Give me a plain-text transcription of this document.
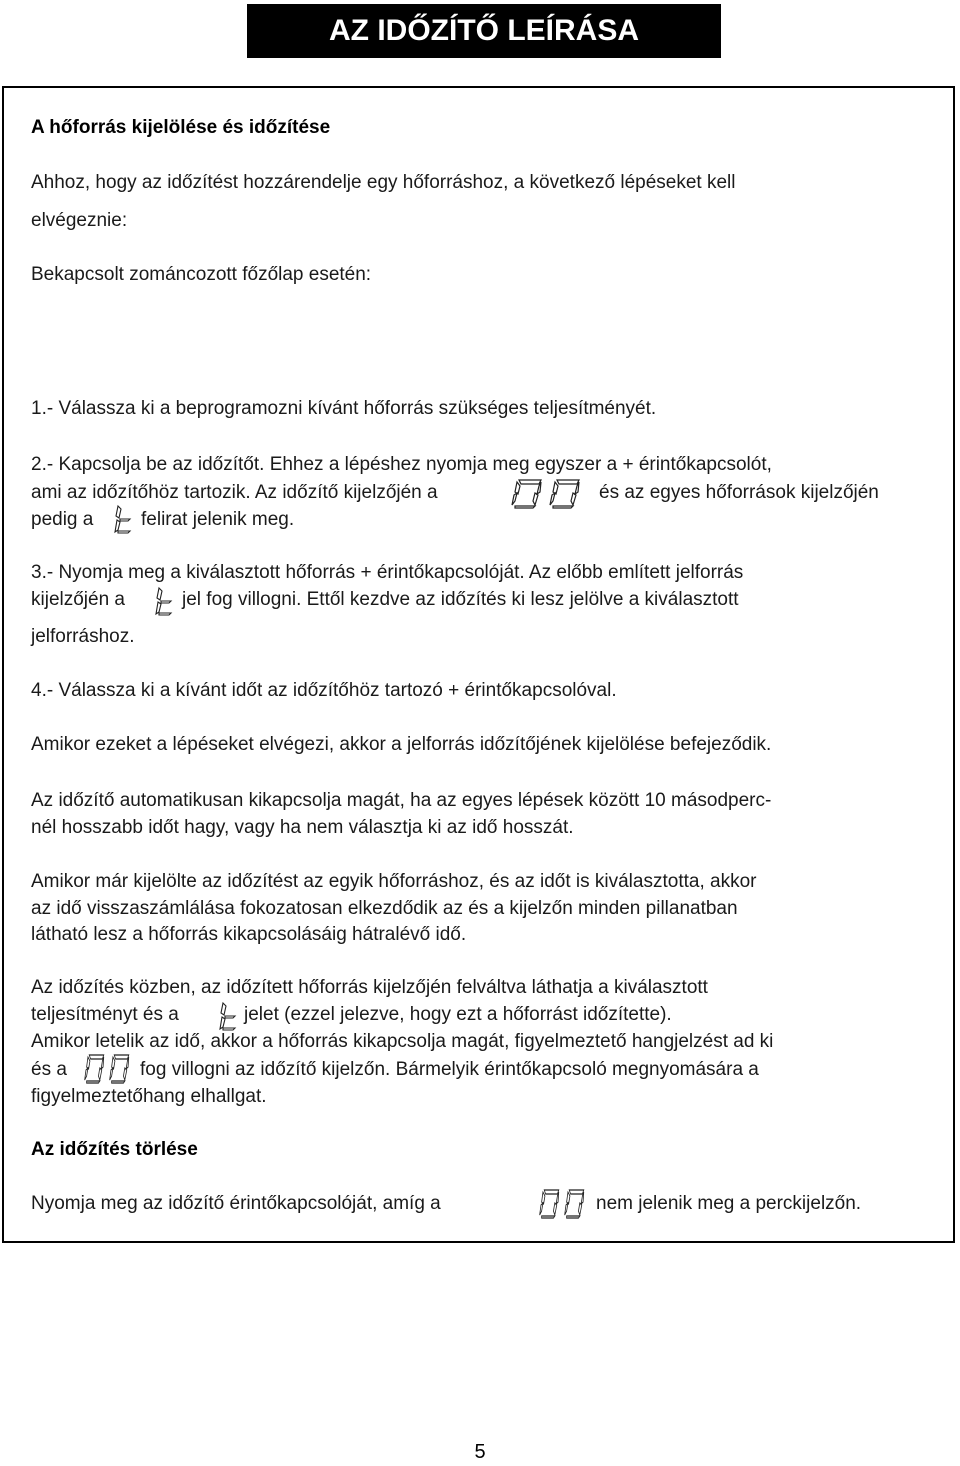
AZ IDŐZÍTŐ LEÍRÁSA
A hőforrás kijelölése és időzítése
Ahhoz, hogy az időzítést hozzárendelje egy hőforráshoz, a következő lépéseket kell
elvégeznie:
Bekapcsolt zománcozott főzőlap esetén:
1.- Válassza ki a beprogramozni kívánt hőforrás szükséges teljesítményét.
2.- Kapcsolja be az időzítőt. Ehhez a lépéshez nyomja meg egyszer a + érintőkapcsolót,
ami az időzítőhöz tartozik. Az időzítő kijelzőjén a	és az egyes hőforrások kijelzőjén
pedig a	felirat jelenik meg.
3.- Nyomja meg a kiválasztott hőforrás + érintőkapcsolóját. Az előbb említett jelforrás
kijelzőjén a	jel fog villogni. Ettől kezdve az időzítés ki lesz jelölve a kiválasztott
jelforráshoz.
4.- Válassza ki a kívánt időt az időzítőhöz tartozó + érintőkapcsolóval.
Amikor ezeket a lépéseket elvégezi, akkor a jelforrás időzítőjének kijelölése befejeződik.
Az időzítő automatikusan kikapcsolja magát, ha az egyes lépések között 10 másodperc-
nél hosszabb időt hagy, vagy ha nem választja ki az idő hosszát.
Amikor már kijelölte az időzítést az egyik hőforráshoz, és az időt is kiválasztotta, akkor
az idő visszaszámlálása fokozatosan elkezdődik az és a kijelzőn minden pillanatban
látható lesz a hőforrás kikapcsolásáig hátralévő idő.
Az időzítés közben, az időzített hőforrás kijelzőjén felváltva láthatja a kiválasztott
teljesítményt és a	jelet (ezzel jelezve, hogy ezt a hőforrást időzítette).
Amikor letelik az idő, akkor a hőforrás kikapcsolja magát, figyelmeztető hangjelzést ad ki
és a	fog villogni az időzítő kijelzőn. Bármelyik érintőkapcsoló megnyomására a
figyelmeztetőhang elhallgat.
Az időzítés törlése
Nyomja meg az időzítő érintőkapcsolóját, amíg a	nem jelenik meg a perckijelzőn.
5
